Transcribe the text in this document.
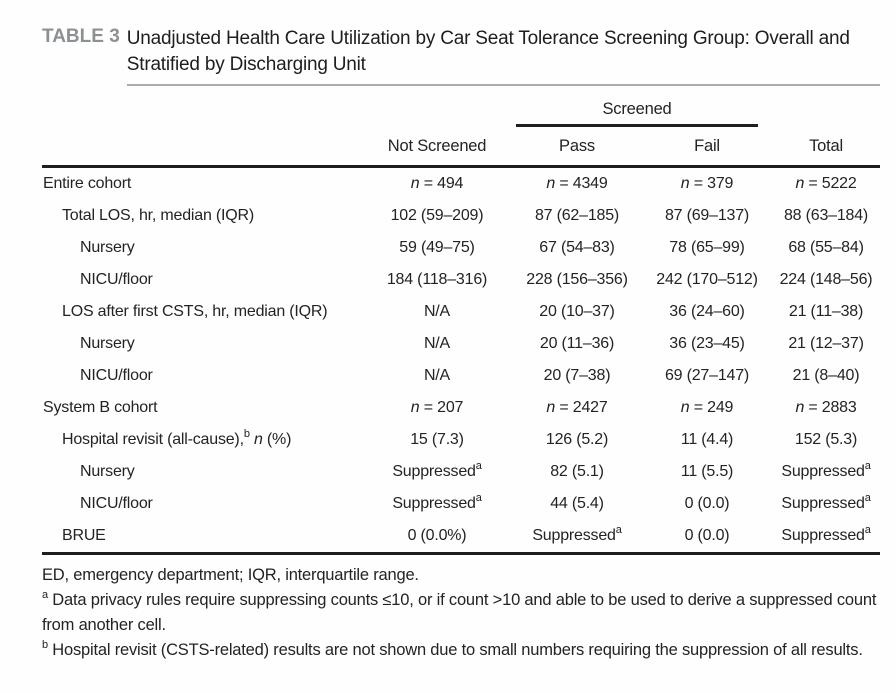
TABLE 3 Unadjusted Health Care Utilization by Car Seat Tolerance Screening Group: Overall and Stratified by Discharging Unit

		Screened		

	Not Screened	Pass	Fail	Total
Entire cohort	n = 494	n = 4349	n = 379	n = 5222
Total LOS, hr, median (IQR)	102 (59–209)	87 (62–185)	87 (69–137)	88 (63–184)
Nursery	59 (49–75)	67 (54–83)	78 (65–99)	68 (55–84)
NICU/floor	184 (118–316)	228 (156–356)	242 (170–512)	224 (148–56)
LOS after first CSTS, hr, median (IQR)	N/A	20 (10–37)	36 (24–60)	21 (11–38)
Nursery	N/A	20 (11–36)	36 (23–45)	21 (12–37)
NICU/floor	N/A	20 (7–38)	69 (27–147)	21 (8–40)
System B cohort	n = 207	n = 2427	n = 249	n = 2883
Hospital revisit (all-cause),$^b$ n (%)	15 (7.3)	126 (5.2)	11 (4.4)	152 (5.3)
Nursery	Suppressed$^a$	82 (5.1)	11 (5.5)	Suppressed$^a$
NICU/floor	Suppressed$^a$	44 (5.4)	0 (0.0)	Suppressed$^a$
BRUE	0 (0.0%)	Suppressed$^a$	0 (0.0)	Suppressed$^a$

ED, emergency department; IQR, interquartile range.

$^a$ Data privacy rules require suppressing counts ≤10, or if count >10 and able to be used to derive a suppressed count from another cell.

$^b$ Hospital revisit (CSTS-related) results are not shown due to small numbers requiring the suppression of all results.
